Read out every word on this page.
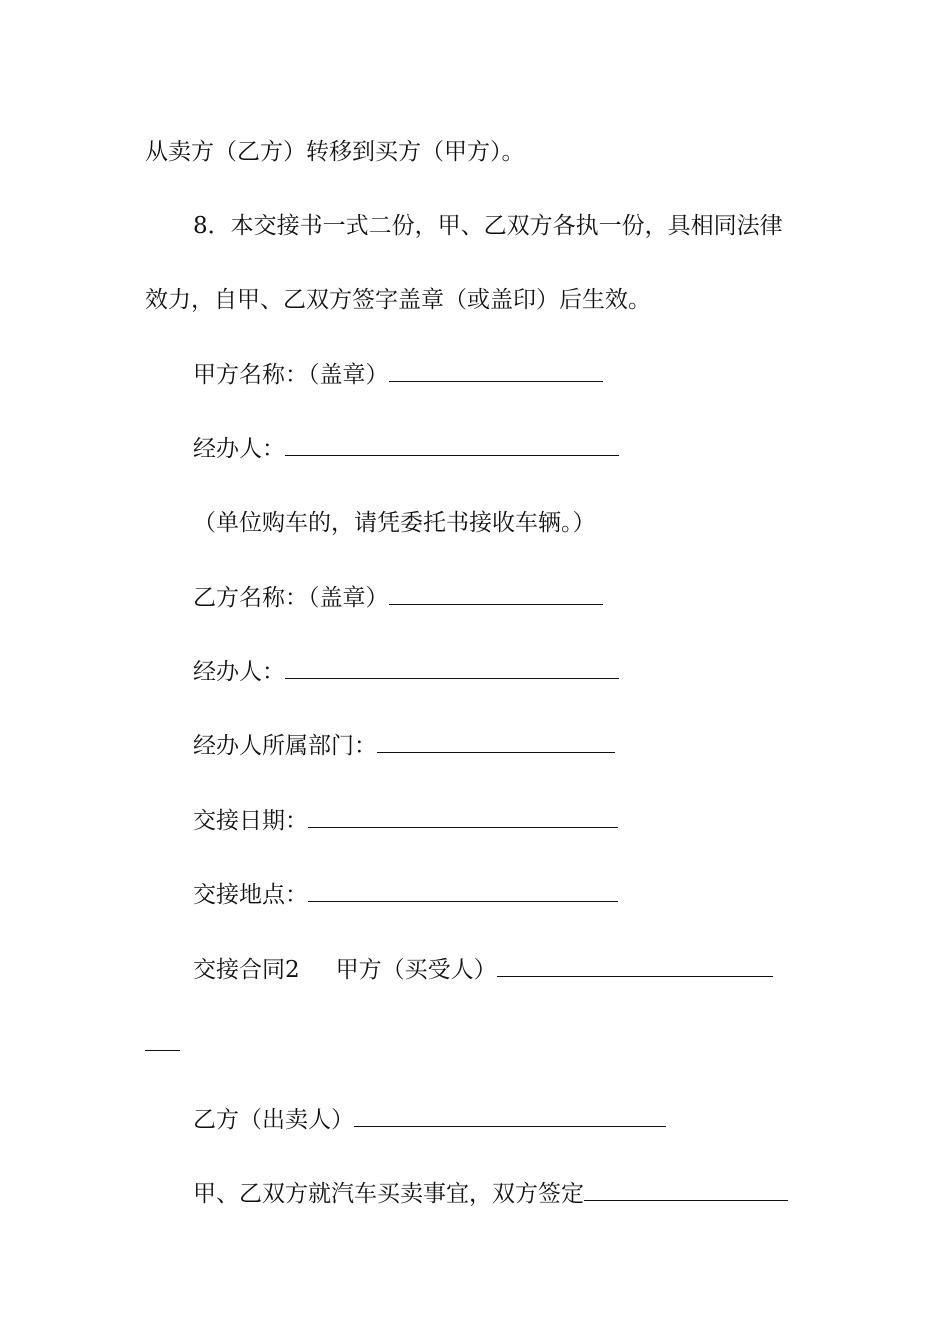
从卖方（乙方）转移到买方（甲方）。
8．本交接书一式二份，甲、乙双方各执一份，具相同法律
效力，自甲、乙双方签字盖章（或盖印）后生效。
甲方名称：（盖章）
经办人：
（单位购车的，请凭委托书接收车辆。）
乙方名称：（盖章）
经办人：
经办人所属部门：
交接日期：
交接地点：
交接合同2 甲方（买受人）
乙方（出卖人）
甲、乙双方就汽车买卖事宜，双方签定
